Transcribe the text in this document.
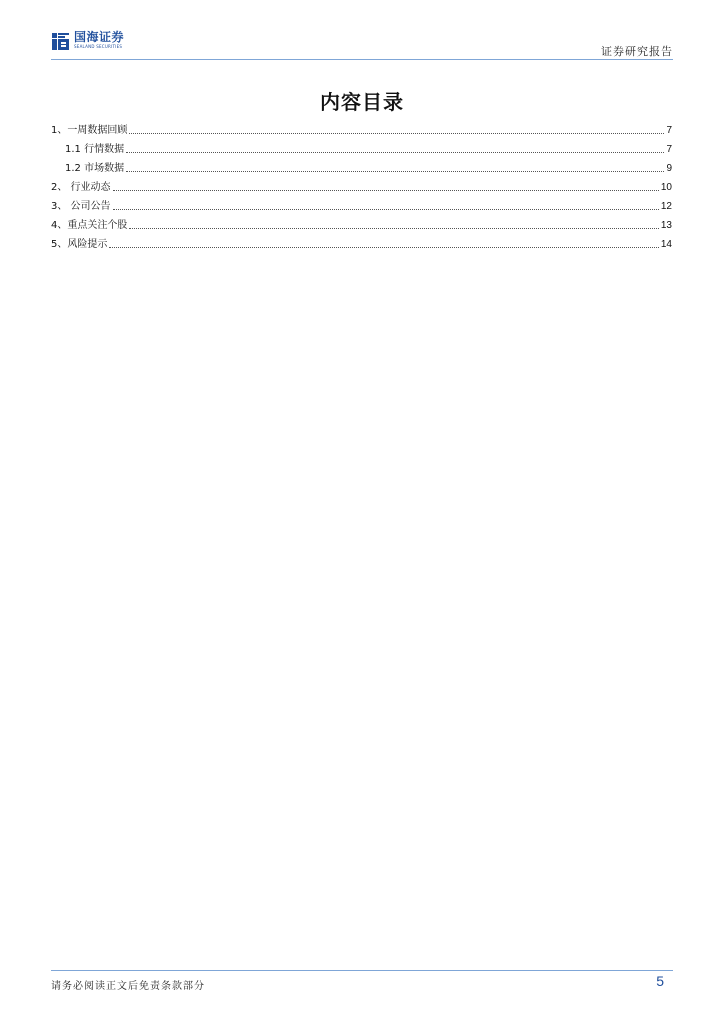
国海证券
SEALAND SECURITIES	证券研究报告
内容目录
1、一周数据回顾	7
1.1 行情数据	7
1.2 市场数据	9
2、 行业动态	10
3、 公司公告	12
4、重点关注个股	13
5、风险提示	14
请务必阅读正文后免责条款部分	5
